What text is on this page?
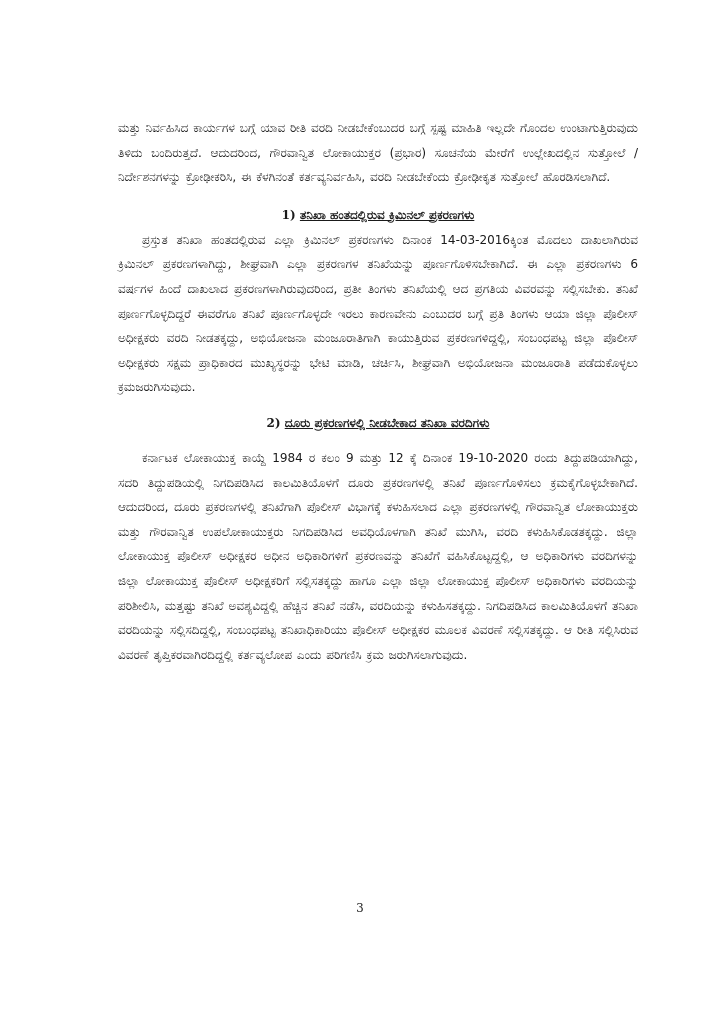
ಮತ್ತು ನಿರ್ವಹಿಸಿದ ಕಾರ್ಯಗಳ ಬಗ್ಗೆ ಯಾವ ರೀತಿ ವರದಿ ನೀಡಬೇಕೆಂಬುದರ ಬಗ್ಗೆ ಸ್ಪಷ್ಟ ಮಾಹಿತಿ ಇಲ್ಲದೇ ಗೊಂದಲ ಉಂಟಾಗುತ್ತಿರುವುದು ತಿಳಿದು ಬಂದಿರುತ್ತದೆ. ಆದುದರಿಂದ, ಗೌರವಾನ್ವಿತ ಲೋಕಾಯುಕ್ತರ (ಪ್ರಭಾರ) ಸೂಚನೆಯ ಮೇರೆಗೆ ಉಲ್ಲೇಖದಲ್ಲಿನ ಸುತ್ತೋಲೆ / ನಿರ್ದೇಶನಗಳನ್ನು ಕ್ರೋಢೀಕರಿಸಿ, ಈ ಕೆಳಗಿನಂತೆ ಕರ್ತವ್ಯನಿರ್ವಹಿಸಿ, ವರದಿ ನೀಡಬೇಕೆಂದು ಕ್ರೋಢೀಕೃತ ಸುತ್ತೋಲೆ ಹೊರಡಿಸಲಾಗಿದೆ.

1) ತನಿಖಾ ಹಂತದಲ್ಲಿರುವ ಕ್ರಿಮಿನಲ್ ಪ್ರಕರಣಗಳು

ಪ್ರಸ್ತುತ ತನಿಖಾ ಹಂತದಲ್ಲಿರುವ ಎಲ್ಲಾ ಕ್ರಿಮಿನಲ್ ಪ್ರಕರಣಗಳು ದಿನಾಂಕ 14-03-2016ಕ್ಕಿಂತ ಮೊದಲು ದಾಖಲಾಗಿರುವ ಕ್ರಿಮಿನಲ್ ಪ್ರಕರಣಗಳಾಗಿದ್ದು, ಶೀಘ್ರವಾಗಿ ಎಲ್ಲಾ ಪ್ರಕರಣಗಳ ತನಿಖೆಯನ್ನು ಪೂರ್ಣಗೊಳಿಸಬೇಕಾಗಿದೆ. ಈ ಎಲ್ಲಾ ಪ್ರಕರಣಗಳು 6 ವರ್ಷಗಳ ಹಿಂದೆ ದಾಖಲಾದ ಪ್ರಕರಣಗಳಾಗಿರುವುದರಿಂದ, ಪ್ರತೀ ತಿಂಗಳು ತನಿಖೆಯಲ್ಲಿ ಆದ ಪ್ರಗತಿಯ ವಿವರವನ್ನು ಸಲ್ಲಿಸಬೇಕು. ತನಿಖೆ ಪೂರ್ಣಗೊಳ್ಳದಿದ್ದರೆ ಈವರೆಗೂ ತನಿಖೆ ಪೂರ್ಣಗೊಳ್ಳದೇ ಇರಲು ಕಾರಣವೇನು ಎಂಬುದರ ಬಗ್ಗೆ ಪ್ರತಿ ತಿಂಗಳು ಆಯಾ ಜಿಲ್ಲಾ ಪೊಲೀಸ್ ಅಧೀಕ್ಷಕರು ವರದಿ ನೀಡತಕ್ಕದ್ದು, ಅಭಿಯೋಜನಾ ಮಂಜೂರಾತಿಗಾಗಿ ಕಾಯುತ್ತಿರುವ ಪ್ರಕರಣಗಳಿದ್ದಲ್ಲಿ, ಸಂಬಂಧಪಟ್ಟ ಜಿಲ್ಲಾ ಪೊಲೀಸ್ ಅಧೀಕ್ಷಕರು ಸಕ್ಷಮ ಪ್ರಾಧಿಕಾರದ ಮುಖ್ಯಸ್ಥರನ್ನು ಭೇಟಿ ಮಾಡಿ, ಚರ್ಚಿಸಿ, ಶೀಘ್ರವಾಗಿ ಅಭಿಯೋಜನಾ ಮಂಜೂರಾತಿ ಪಡೆದುಕೊಳ್ಳಲು ಕ್ರಮಜರುಗಿಸುವುದು.

2) ದೂರು ಪ್ರಕರಣಗಳಲ್ಲಿ ನೀಡಬೇಕಾದ ತನಿಖಾ ವರದಿಗಳು

ಕರ್ನಾಟಕ ಲೋಕಾಯುಕ್ತ ಕಾಯ್ದೆ 1984 ರ ಕಲಂ 9 ಮತ್ತು 12 ಕ್ಕೆ ದಿನಾಂಕ 19-10-2020 ರಂದು ತಿದ್ದುಪಡಿಯಾಗಿದ್ದು, ಸದರಿ ತಿದ್ದುಪಡಿಯಲ್ಲಿ ನಿಗದಿಪಡಿಸಿದ ಕಾಲಮಿತಿಯೊಳಗೆ ದೂರು ಪ್ರಕರಣಗಳಲ್ಲಿ ತನಿಖೆ ಪೂರ್ಣಗೊಳಿಸಲು ಕ್ರಮಕೈಗೊಳ್ಳಬೇಕಾಗಿದೆ. ಆದುದರಿಂದ, ದೂರು ಪ್ರಕರಣಗಳಲ್ಲಿ ತನಿಖೆಗಾಗಿ ಪೊಲೀಸ್ ವಿಭಾಗಕ್ಕೆ ಕಳುಹಿಸಲಾದ ಎಲ್ಲಾ ಪ್ರಕರಣಗಳಲ್ಲಿ ಗೌರವಾನ್ವಿತ ಲೋಕಾಯುಕ್ತರು ಮತ್ತು ಗೌರವಾನ್ವಿತ ಉಪಲೋಕಾಯುಕ್ತರು ನಿಗದಿಪಡಿಸಿದ ಅವಧಿಯೊಳಗಾಗಿ ತನಿಖೆ ಮುಗಿಸಿ, ವರದಿ ಕಳುಹಿಸಿಕೊಡತಕ್ಕದ್ದು. ಜಿಲ್ಲಾ ಲೋಕಾಯುಕ್ತ ಪೊಲೀಸ್ ಅಧೀಕ್ಷಕರ ಅಧೀನ ಅಧಿಕಾರಿಗಳಿಗೆ ಪ್ರಕರಣವನ್ನು ತನಿಖೆಗೆ ವಹಿಸಿಕೊಟ್ಟದ್ದಲ್ಲಿ, ಆ ಅಧಿಕಾರಿಗಳು ವರದಿಗಳನ್ನು ಜಿಲ್ಲಾ ಲೋಕಾಯುಕ್ತ ಪೊಲೀಸ್ ಅಧೀಕ್ಷಕರಿಗೆ ಸಲ್ಲಿಸತಕ್ಕದ್ದು ಹಾಗೂ ಎಲ್ಲಾ ಜಿಲ್ಲಾ ಲೋಕಾಯುಕ್ತ ಪೊಲೀಸ್ ಅಧಿಕಾರಿಗಳು ವರದಿಯನ್ನು ಪರಿಶೀಲಿಸಿ, ಮತ್ತಷ್ಟು ತನಿಖೆ ಅವಶ್ಯವಿದ್ದಲ್ಲಿ ಹೆಚ್ಚಿನ ತನಿಖೆ ನಡೆಸಿ, ವರದಿಯನ್ನು ಕಳುಹಿಸತಕ್ಕದ್ದು. ನಿಗದಿಪಡಿಸಿದ ಕಾಲಮಿತಿಯೊಳಗೆ ತನಿಖಾ ವರದಿಯನ್ನು ಸಲ್ಲಿಸದಿದ್ದಲ್ಲಿ, ಸಂಬಂಧಪಟ್ಟ ತನಿಖಾಧಿಕಾರಿಯು ಪೊಲೀಸ್ ಅಧೀಕ್ಷಕರ ಮೂಲಕ ವಿವರಣೆ ಸಲ್ಲಿಸತಕ್ಕದ್ದು. ಆ ರೀತಿ ಸಲ್ಲಿಸಿರುವ ವಿವರಣೆ ತೃಪ್ತಿಕರವಾಗಿರದಿದ್ದಲ್ಲಿ ಕರ್ತವ್ಯಲೋಪ ಎಂದು ಪರಿಗಣಿಸಿ ಕ್ರಮ ಜರುಗಿಸಲಾಗುವುದು.

3
